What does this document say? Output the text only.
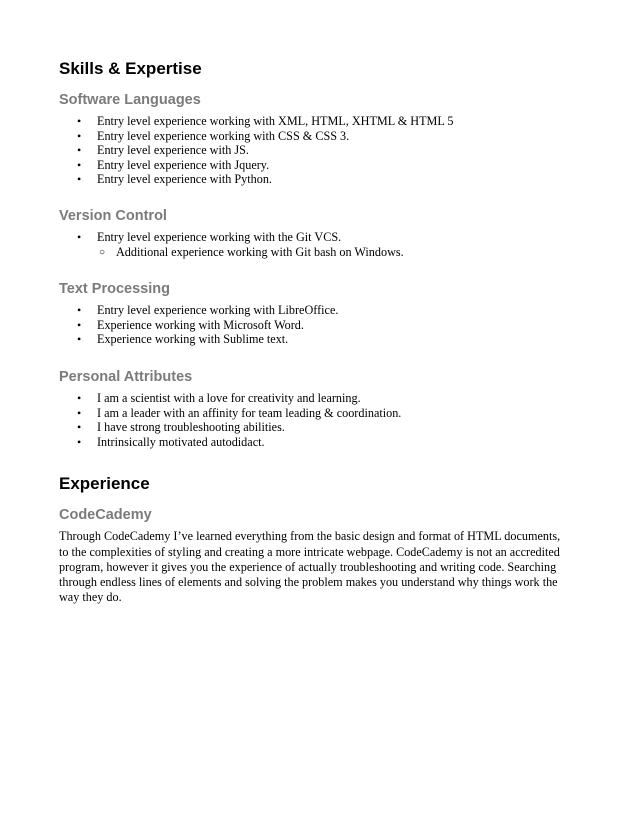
Skills & Expertise
Software Languages
• Entry level experience working with XML, HTML, XHTML & HTML 5
• Entry level experience working with CSS & CSS 3.
• Entry level experience with JS.
• Entry level experience with Jquery.
• Entry level experience with Python.
Version Control
• Entry level experience working with the Git VCS.
○ Additional experience working with Git bash on Windows.
Text Processing
• Entry level experience working with LibreOffice.
• Experience working with Microsoft Word.
• Experience working with Sublime text.
Personal Attributes
• I am a scientist with a love for creativity and learning.
• I am a leader with an affinity for team leading & coordination.
• I have strong troubleshooting abilities.
• Intrinsically motivated autodidact.
Experience
CodeCademy

Through CodeCademy I’ve learned everything from the basic design and format of HTML documents,
to the complexities of styling and creating a more intricate webpage. CodeCademy is not an accredited
program, however it gives you the experience of actually troubleshooting and writing code. Searching
through endless lines of elements and solving the problem makes you understand why things work the
way they do.
